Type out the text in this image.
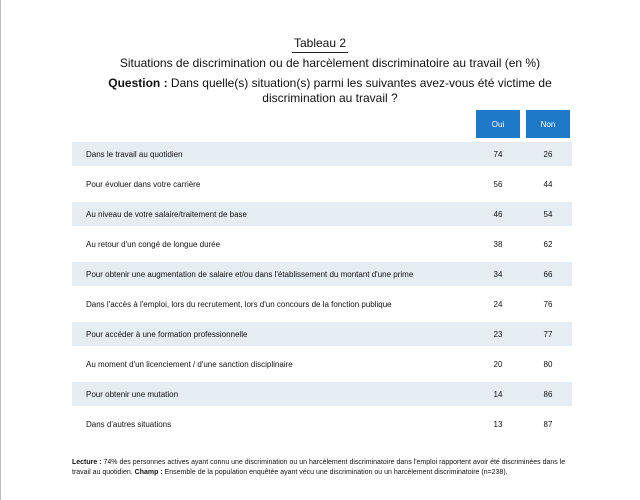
Tableau 2
Situations de discrimination ou de harcèlement discriminatoire au travail (en %)
Question : Dans quelle(s) situation(s) parmi les suivantes avez-vous été victime de discrimination au travail ?
Oui	Non
Dans le travail au quotidien	74	26
Pour évoluer dans votre carrière	56	44
Au niveau de votre salaire/traitement de base	46	54
Au retour d'un congé de longue durée	38	62
Pour obtenir une augmentation de salaire et/ou dans l'établissement du montant d'une prime	34	66
Dans l'accès à l'emploi, lors du recrutement, lors d'un concours de la fonction publique	24	76
Pour accéder à une formation professionnelle	23	77
Au moment d'un licenciement / d'une sanction disciplinaire	20	80
Pour obtenir une mutation	14	86
Dans d'autres situations	13	87
Lecture : 74% des personnes actives ayant connu une discrimination ou un harcèlement discriminatoire dans l'emploi rapportent avoir été discriminées dans le travail au quotidien. Champ : Ensemble de la population enquêtée ayant vécu une discrimination ou un harcèlement discriminatoire (n=238).
